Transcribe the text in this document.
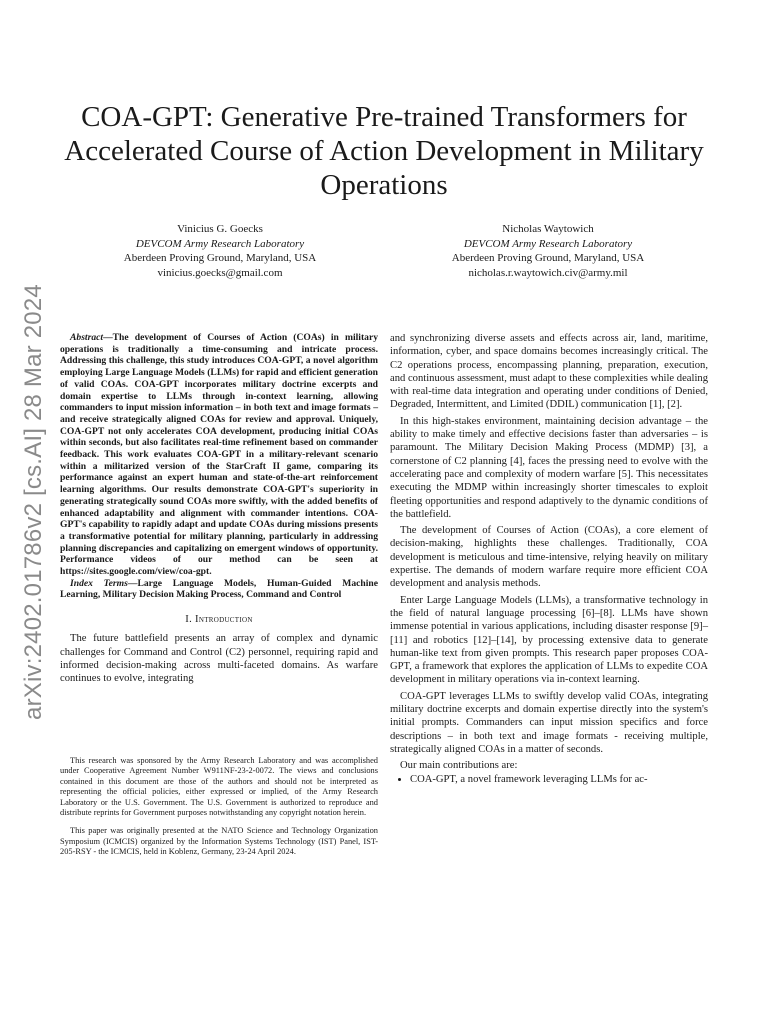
arXiv:2402.01786v2 [cs.AI] 28 Mar 2024
COA-GPT: Generative Pre-trained Transformers for Accelerated Course of Action Development in Military Operations
Vinicius G. Goecks
DEVCOM Army Research Laboratory
Aberdeen Proving Ground, Maryland, USA
vinicius.goecks@gmail.com
Nicholas Waytowich
DEVCOM Army Research Laboratory
Aberdeen Proving Ground, Maryland, USA
nicholas.r.waytowich.civ@army.mil

Abstract—The development of Courses of Action (COAs) in military operations is traditionally a time-consuming and intricate process. Addressing this challenge, this study introduces COA-GPT, a novel algorithm employing Large Language Models (LLMs) for rapid and efficient generation of valid COAs. COA-GPT incorporates military doctrine excerpts and domain expertise to LLMs through in-context learning, allowing commanders to input mission information – in both text and image formats – and receive strategically aligned COAs for review and approval. Uniquely, COA-GPT not only accelerates COA development, producing initial COAs within seconds, but also facilitates real-time refinement based on commander feedback. This work evaluates COA-GPT in a military-relevant scenario within a militarized version of the StarCraft II game, comparing its performance against an expert human and state-of-the-art reinforcement learning algorithms. Our results demonstrate COA-GPT's superiority in generating strategically sound COAs more swiftly, with the added benefits of enhanced adaptability and alignment with commander intentions. COA-GPT's capability to rapidly adapt and update COAs during missions presents a transformative potential for military planning, particularly in addressing planning discrepancies and capitalizing on emergent windows of opportunity. Performance videos of our method can be seen at https://sites.google.com/view/coa-gpt.

Index Terms—Large Language Models, Human-Guided Machine Learning, Military Decision Making Process, Command and Control

I. Introduction

The future battlefield presents an array of complex and dynamic challenges for Command and Control (C2) personnel, requiring rapid and informed decision-making across multi-faceted domains. As warfare continues to evolve, integrating

This research was sponsored by the Army Research Laboratory and was accomplished under Cooperative Agreement Number W911NF-23-2-0072. The views and conclusions contained in this document are those of the authors and should not be interpreted as representing the official policies, either expressed or implied, of the Army Research Laboratory or the U.S. Government. The U.S. Government is authorized to reproduce and distribute reprints for Government purposes notwithstanding any copyright notation herein.

This paper was originally presented at the NATO Science and Technology Organization Symposium (ICMCIS) organized by the Information Systems Technology (IST) Panel, IST-205-RSY - the ICMCIS, held in Koblenz, Germany, 23-24 April 2024.

and synchronizing diverse assets and effects across air, land, maritime, information, cyber, and space domains becomes increasingly critical. The C2 operations process, encompassing planning, preparation, execution, and continuous assessment, must adapt to these complexities while dealing with real-time data integration and operating under conditions of Denied, Degraded, Intermittent, and Limited (DDIL) communication [1], [2].

In this high-stakes environment, maintaining decision advantage – the ability to make timely and effective decisions faster than adversaries – is paramount. The Military Decision Making Process (MDMP) [3], a cornerstone of C2 planning [4], faces the pressing need to evolve with the accelerating pace and complexity of modern warfare [5]. This necessitates executing the MDMP within increasingly shorter timescales to exploit fleeting opportunities and respond adaptively to the dynamic conditions of the battlefield.

The development of Courses of Action (COAs), a core element of decision-making, highlights these challenges. Traditionally, COA development is meticulous and time-intensive, relying heavily on military expertise. The demands of modern warfare require more efficient COA development and analysis methods.

Enter Large Language Models (LLMs), a transformative technology in the field of natural language processing [6]–[8]. LLMs have shown immense potential in various applications, including disaster response [9]–[11] and robotics [12]–[14], by processing extensive data to generate human-like text from given prompts. This research paper proposes COA-GPT, a framework that explores the application of LLMs to expedite COA development in military operations via in-context learning.

COA-GPT leverages LLMs to swiftly develop valid COAs, integrating military doctrine excerpts and domain expertise directly into the system's initial prompts. Commanders can input mission specifics and force descriptions – in both text and image formats - receiving multiple, strategically aligned COAs in a matter of seconds.

Our main contributions are:

• COA-GPT, a novel framework leveraging LLMs for ac-
